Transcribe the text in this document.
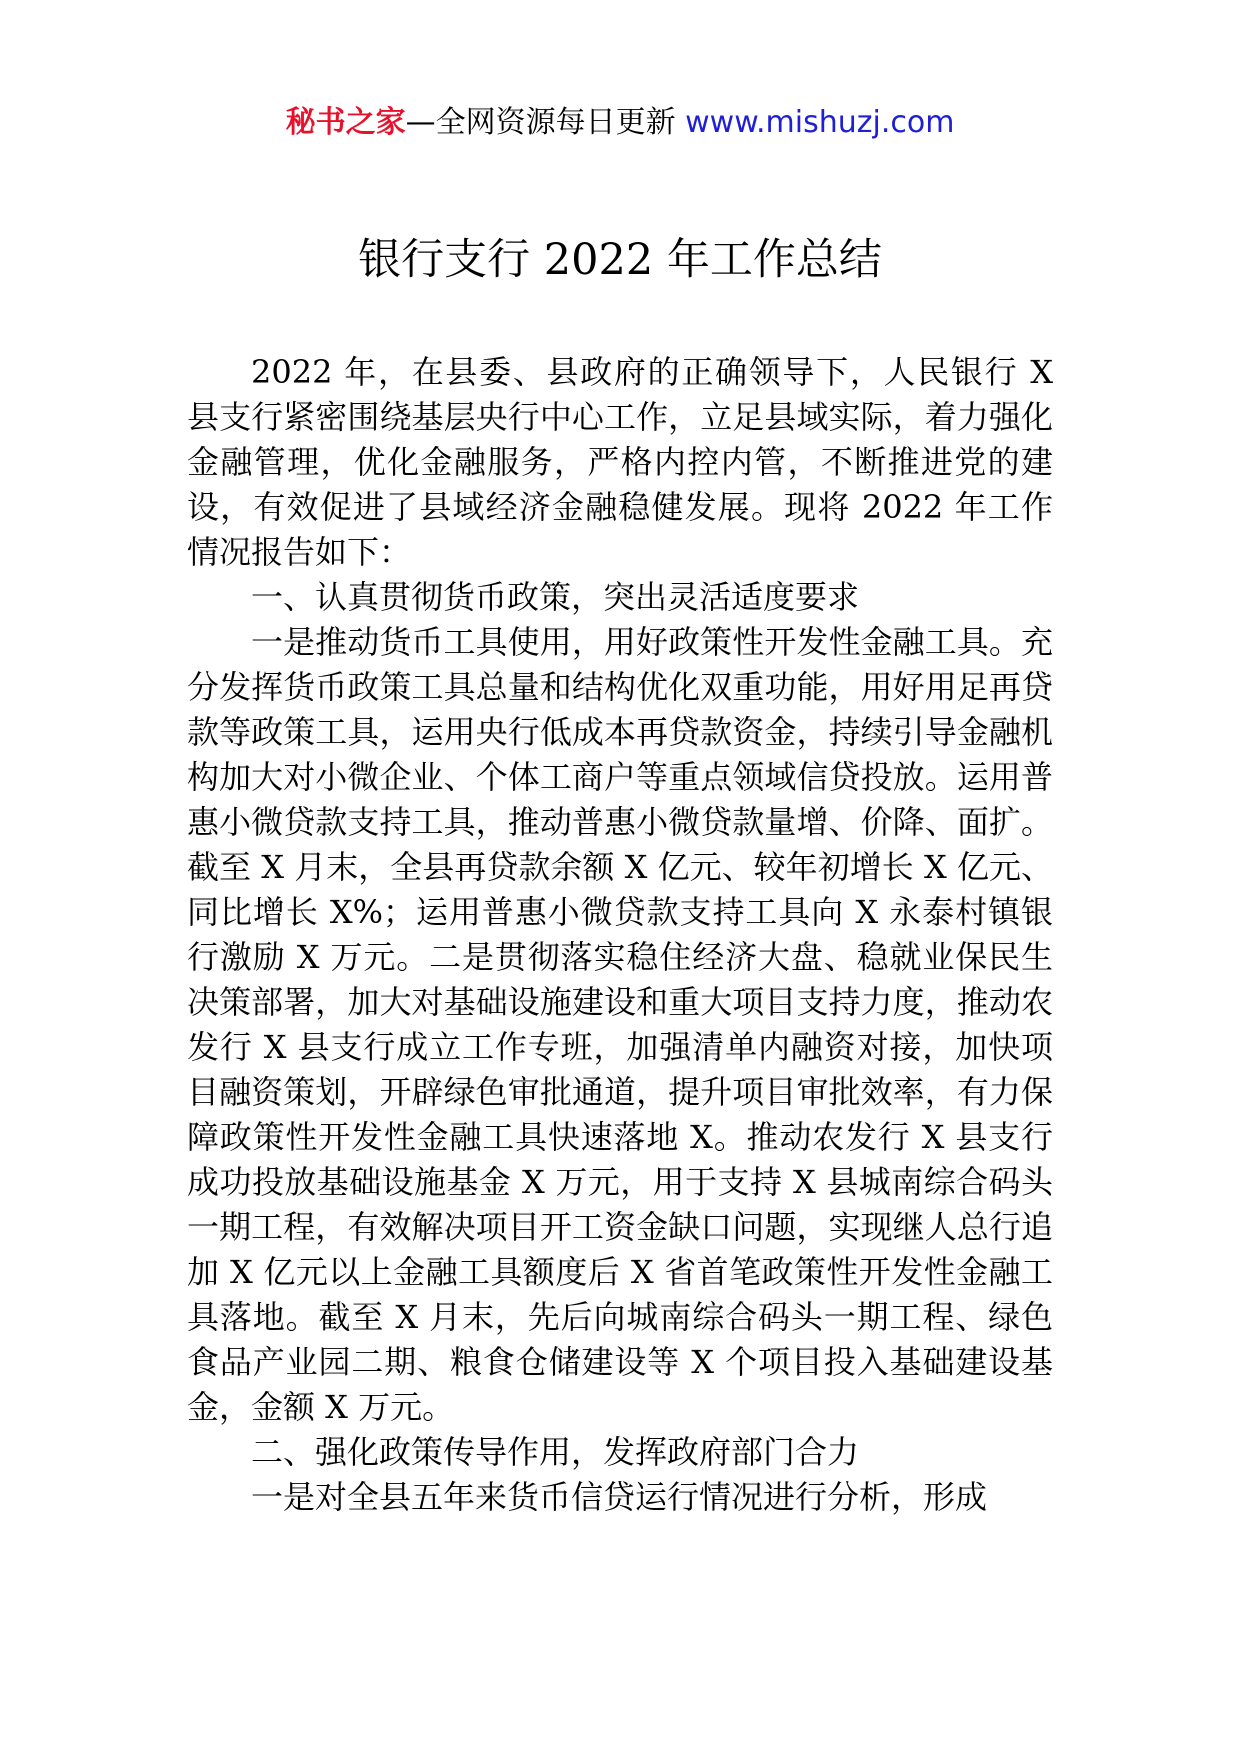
秘书之家—全网资源每日更新 www.mishuzj.com
银行支行 2022 年工作总结

2022 年，在县委、县政府的正确领导下，人民银行 X 县支行紧密围绕基层央行中心工作，立足县域实际，着力强化金融管理，优化金融服务，严格内控内管，不断推进党的建设，有效促进了县域经济金融稳健发展。现将 2022 年工作情况报告如下：

一、认真贯彻货币政策，突出灵活适度要求

一是推动货币工具使用，用好政策性开发性金融工具。充分发挥货币政策工具总量和结构优化双重功能，用好用足再贷款等政策工具，运用央行低成本再贷款资金，持续引导金融机构加大对小微企业、个体工商户等重点领域信贷投放。运用普惠小微贷款支持工具，推动普惠小微贷款量增、价降、面扩。截至 X 月末，全县再贷款余额 X 亿元、较年初增长 X 亿元、同比增长 X%；运用普惠小微贷款支持工具向 X 永泰村镇银行激励 X 万元。二是贯彻落实稳住经济大盘、稳就业保民生决策部署，加大对基础设施建设和重大项目支持力度，推动农发行 X 县支行成立工作专班，加强清单内融资对接，加快项目融资策划，开辟绿色审批通道，提升项目审批效率，有力保障政策性开发性金融工具快速落地 X。推动农发行 X 县支行成功投放基础设施基金 X 万元，用于支持 X 县城南综合码头一期工程，有效解决项目开工资金缺口问题，实现继人总行追加 X 亿元以上金融工具额度后 X 省首笔政策性开发性金融工具落地。截至 X 月末，先后向城南综合码头一期工程、绿色食品产业园二期、粮食仓储建设等 X 个项目投入基础建设基金，金额 X 万元。

二、强化政策传导作用，发挥政府部门合力

一是对全县五年来货币信贷运行情况进行分析，形成
